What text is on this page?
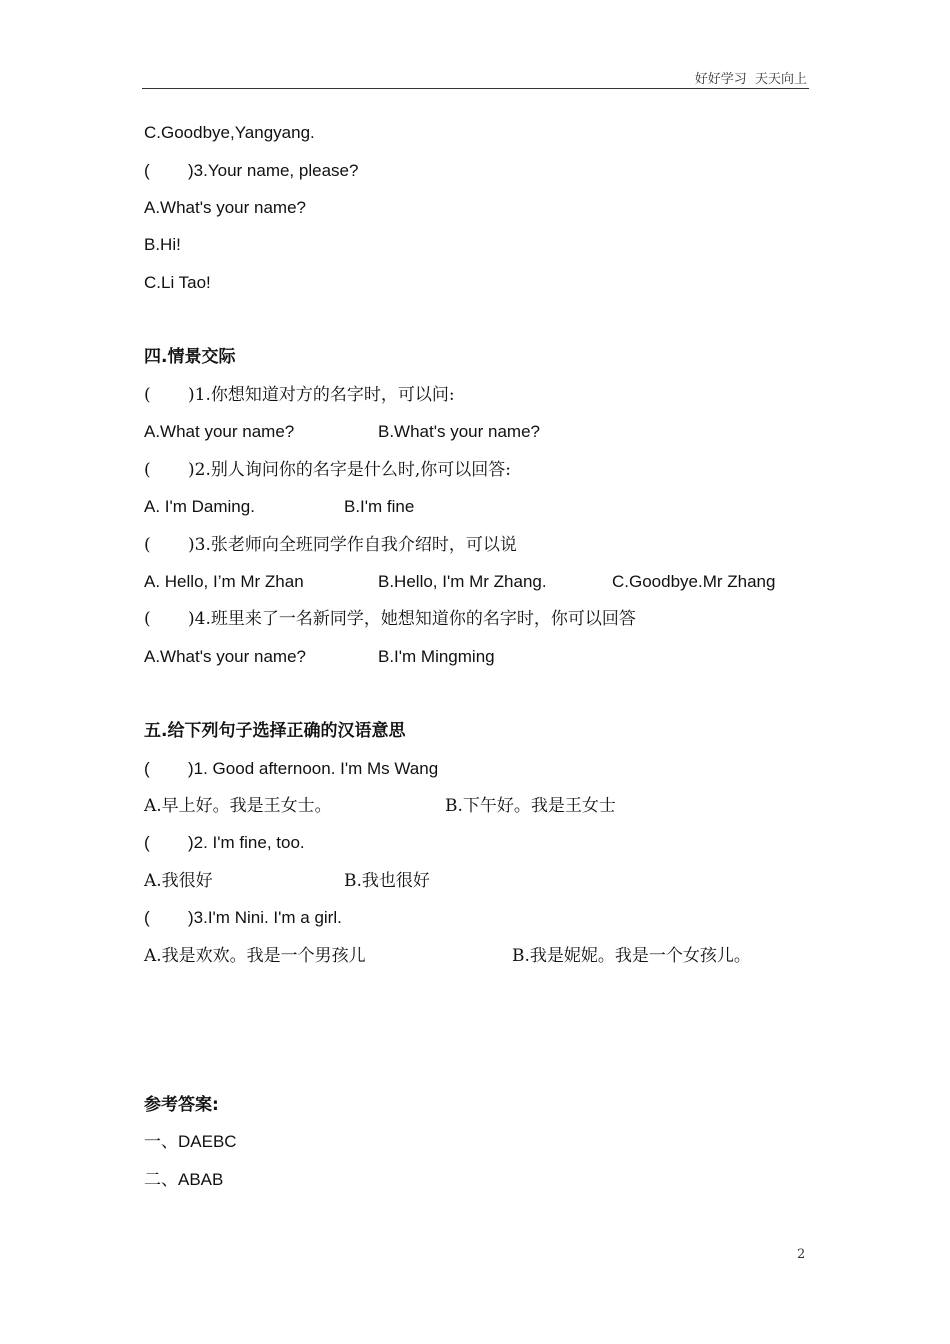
好好学习  天天向上
C.Goodbye,Yangyang.
( )3.Your name, please?
A.What's your name?
B.Hi!
C.Li Tao!
四.情景交际
( )1.你想知道对方的名字时，可以问:
A.What your name?	B.What's your name?
( )2.别人询问你的名字是什么时,你可以回答:
A. I'm Daming.	B.I'm fine
( )3.张老师向全班同学作自我介绍时，可以说
A. Hello, I’m Mr Zhan	B.Hello, I'm Mr Zhang.	C.Goodbye.Mr Zhang
( )4.班里来了一名新同学，她想知道你的名字时，你可以回答
A.What's your name?	B.I'm Mingming
五.给下列句子选择正确的汉语意思
( )1. Good afternoon. I'm Ms Wang
A.早上好。我是王女士。	B.下午好。我是王女士
( )2. I'm fine, too.
A.我很好	B.我也很好
( )3.I'm Nini. I'm a girl.
A.我是欢欢。我是一个男孩儿	B.我是妮妮。我是一个女孩儿。
参考答案:
一、DAEBC
二、ABAB
2
